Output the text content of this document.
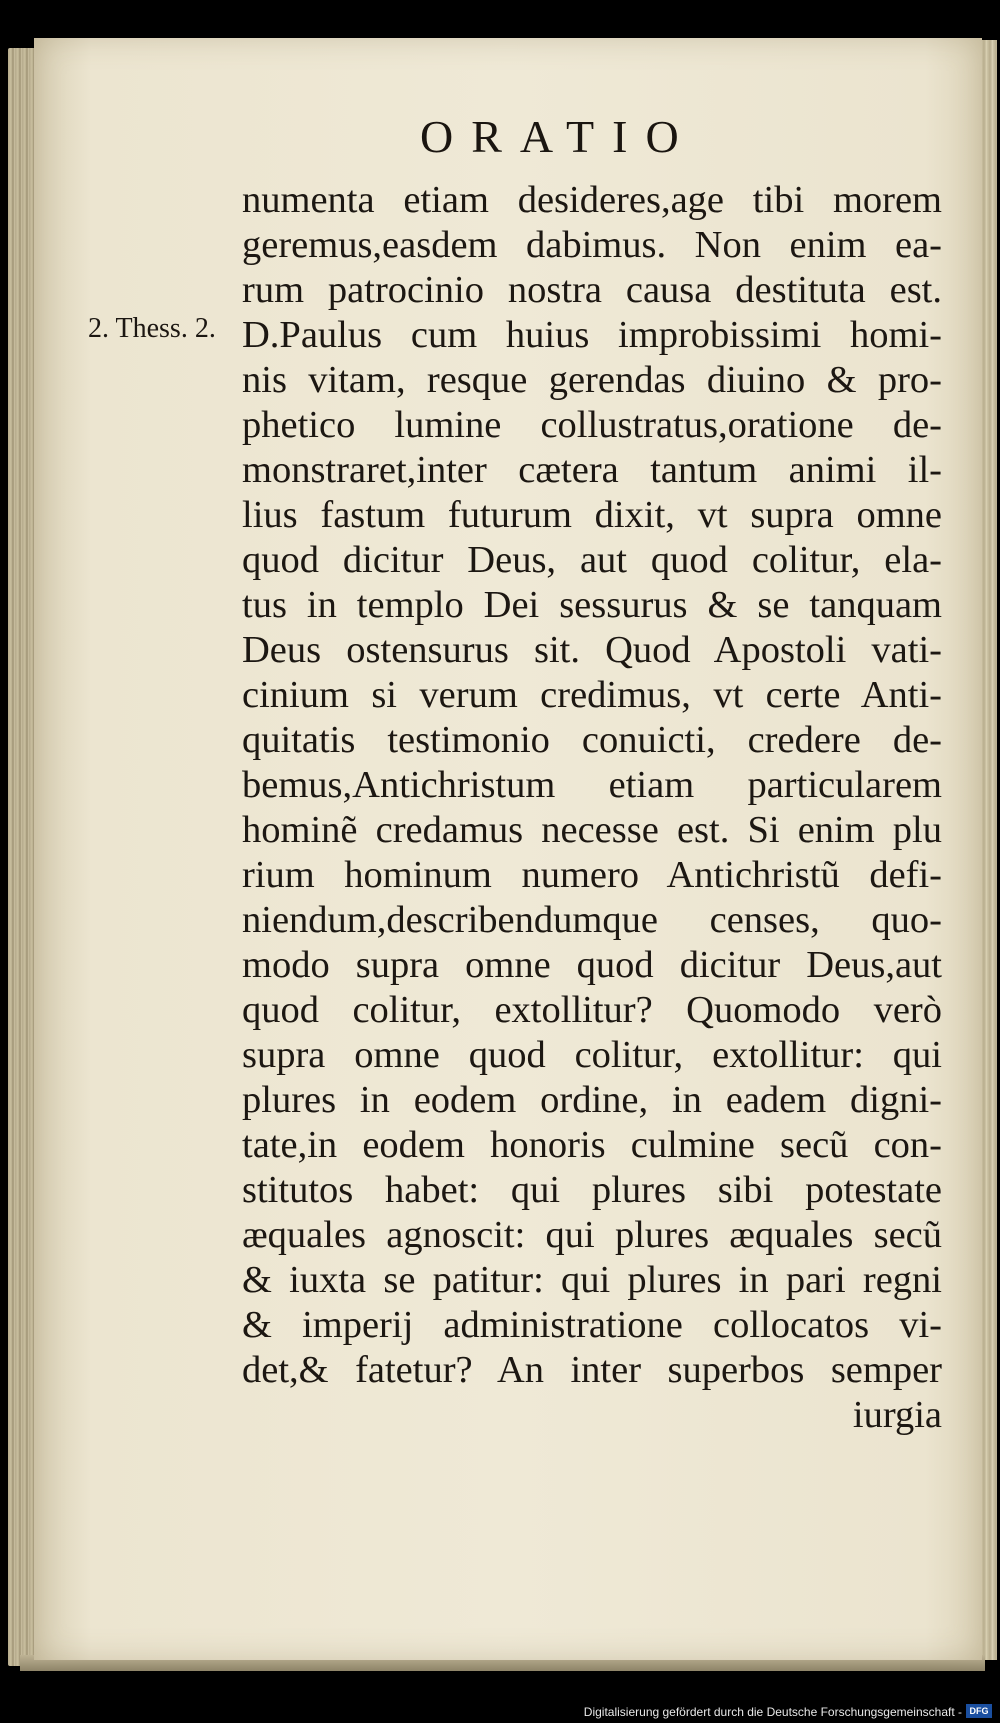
ORATIO
2. Thess. 2.
numenta etiam desideres,age tibi morem
geremus,easdem dabimus. Non enim ea-
rum patrocinio nostra causa destituta est.
D.Paulus cum huius improbissimi homi-
nis vitam, resque gerendas diuino & pro-
phetico lumine collustratus,oratione de-
monstraret,inter cætera tantum animi il-
lius fastum futurum dixit, vt supra omne
quod dicitur Deus, aut quod colitur, ela-
tus in templo Dei sessurus & se tanquam
Deus ostensurus sit. Quod Apostoli vati-
cinium si verum credimus, vt certe Anti-
quitatis testimonio conuicti, credere de-
bemus,Antichristum etiam particularem
hominẽ credamus necesse est. Si enim plu
rium hominum numero Antichristũ defi-
niendum,describendumque censes, quo-
modo supra omne quod dicitur Deus,aut
quod colitur, extollitur? Quomodo verò
supra omne quod colitur, extollitur: qui
plures in eodem ordine, in eadem digni-
tate,in eodem honoris culmine secũ con-
stitutos habet: qui plures sibi potestate
æquales agnoscit: qui plures æquales secũ
& iuxta se patitur: qui plures in pari regni
& imperij administratione collocatos vi-
det,& fatetur? An inter superbos semper
iurgia
Digitalisierung gefördert durch die Deutsche Forschungsgemeinschaft - DFG
